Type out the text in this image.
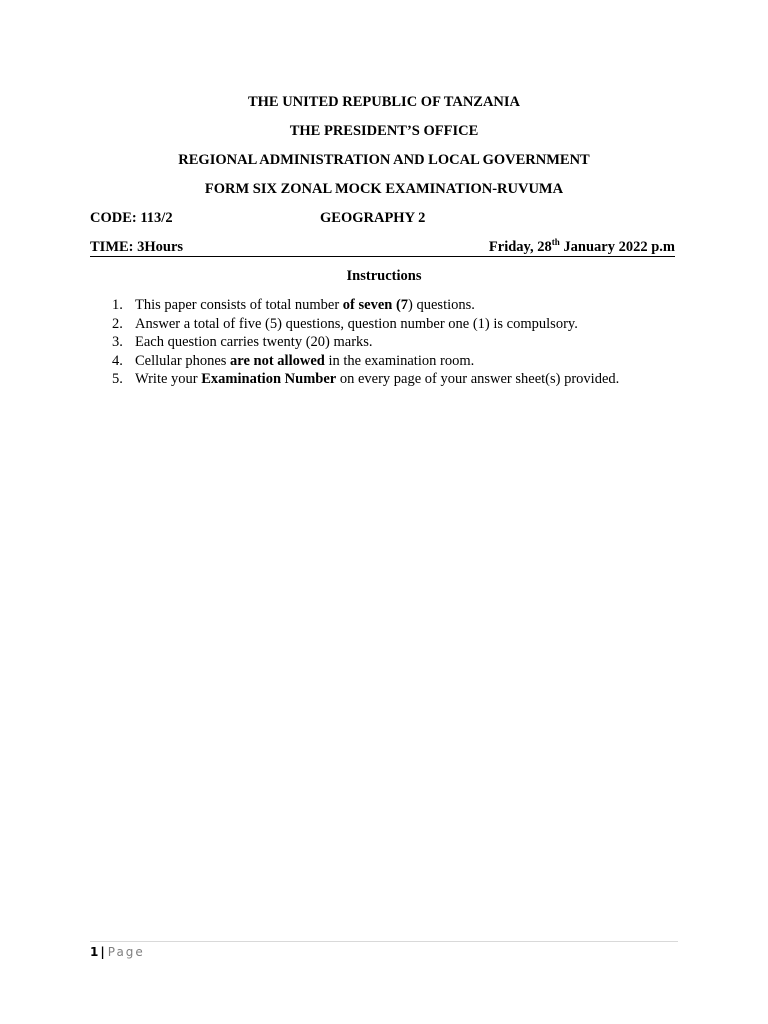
THE UNITED REPUBLIC OF TANZANIA
THE PRESIDENT’S OFFICE
REGIONAL ADMINISTRATION AND LOCAL GOVERNMENT
FORM SIX ZONAL MOCK EXAMINATION-RUVUMA
CODE: 113/2	GEOGRAPHY 2
TIME: 3Hours	Friday, 28th January 2022 p.m
Instructions
1. This paper consists of total number of seven (7) questions.
2. Answer a total of five (5) questions, question number one (1) is compulsory.
3. Each question carries twenty (20) marks.
4. Cellular phones are not allowed in the examination room.
5. Write your Examination Number on every page of your answer sheet(s) provided.
1 | Page
